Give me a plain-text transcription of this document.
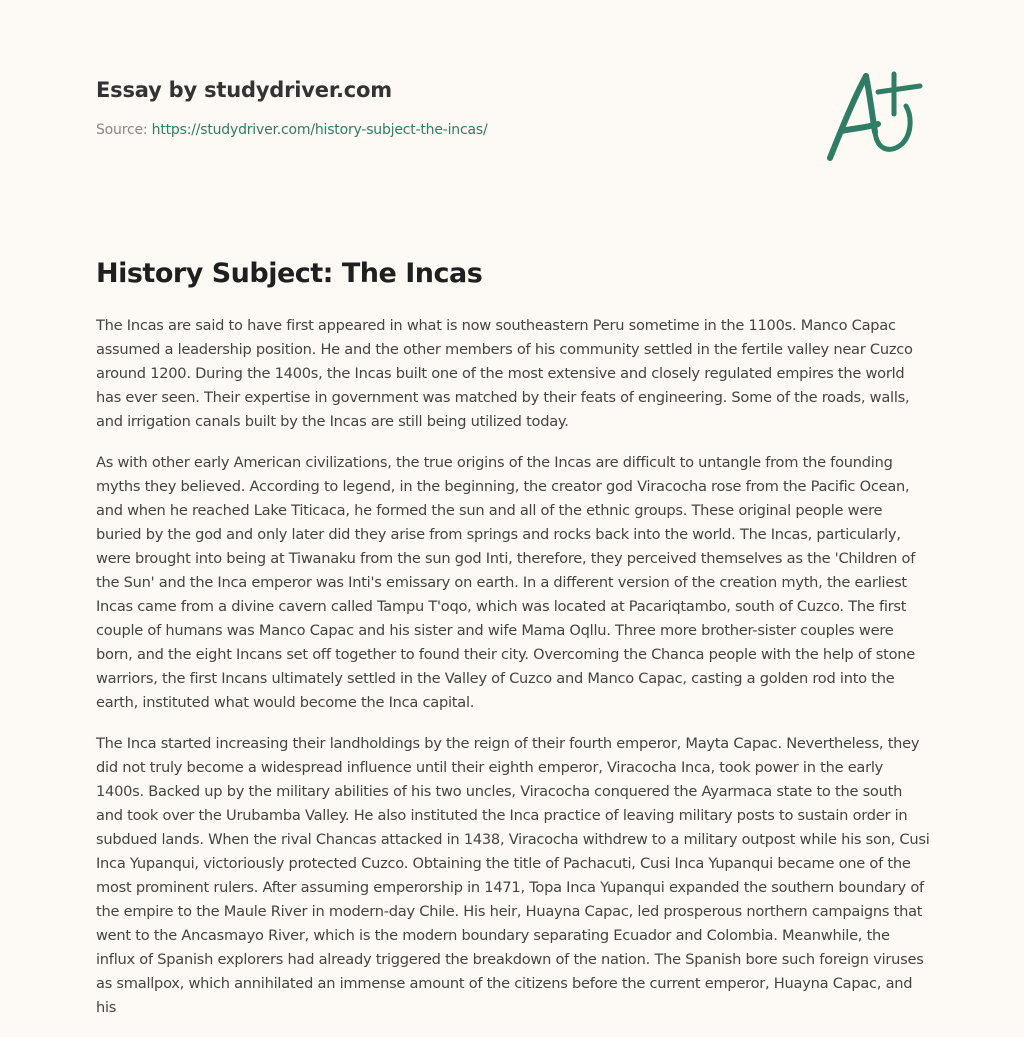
Essay by studydriver.com
Source: https://studydriver.com/history-subject-the-incas/
History Subject: The Incas

The Incas are said to have first appeared in what is now southeastern Peru sometime in the 1100s. Manco Capac assumed a leadership position. He and the other members of his community settled in the fertile valley near Cuzco around 1200. During the 1400s, the Incas built one of the most extensive and closely regulated empires the world has ever seen. Their expertise in government was matched by their feats of engineering. Some of the roads, walls, and irrigation canals built by the Incas are still being utilized today.

As with other early American civilizations, the true origins of the Incas are difficult to untangle from the founding myths they believed. According to legend, in the beginning, the creator god Viracocha rose from the Pacific Ocean, and when he reached Lake Titicaca, he formed the sun and all of the ethnic groups. These original people were buried by the god and only later did they arise from springs and rocks back into the world. The Incas, particularly, were brought into being at Tiwanaku from the sun god Inti, therefore, they perceived themselves as the 'Children of the Sun' and the Inca emperor was Inti's emissary on earth. In a different version of the creation myth, the earliest Incas came from a divine cavern called Tampu T'oqo, which was located at Pacariqtambo, south of Cuzco. The first couple of humans was Manco Capac and his sister and wife Mama Oqllu. Three more brother-sister couples were born, and the eight Incans set off together to found their city. Overcoming the Chanca people with the help of stone warriors, the first Incans ultimately settled in the Valley of Cuzco and Manco Capac, casting a golden rod into the earth, instituted what would become the Inca capital.

The Inca started increasing their landholdings by the reign of their fourth emperor, Mayta Capac. Nevertheless, they did not truly become a widespread influence until their eighth emperor, Viracocha Inca, took power in the early 1400s. Backed up by the military abilities of his two uncles, Viracocha conquered the Ayarmaca state to the south and took over the Urubamba Valley. He also instituted the Inca practice of leaving military posts to sustain order in subdued lands. When the rival Chancas attacked in 1438, Viracocha withdrew to a military outpost while his son, Cusi Inca Yupanqui, victoriously protected Cuzco. Obtaining the title of Pachacuti, Cusi Inca Yupanqui became one of the most prominent rulers. After assuming emperorship in 1471, Topa Inca Yupanqui expanded the southern boundary of the empire to the Maule River in modern-day Chile. His heir, Huayna Capac, led prosperous northern campaigns that went to the Ancasmayo River, which is the modern boundary separating Ecuador and Colombia. Meanwhile, the influx of Spanish explorers had already triggered the breakdown of the nation. The Spanish bore such foreign viruses as smallpox, which annihilated an immense amount of the citizens before the current emperor, Huayna Capac, and his
